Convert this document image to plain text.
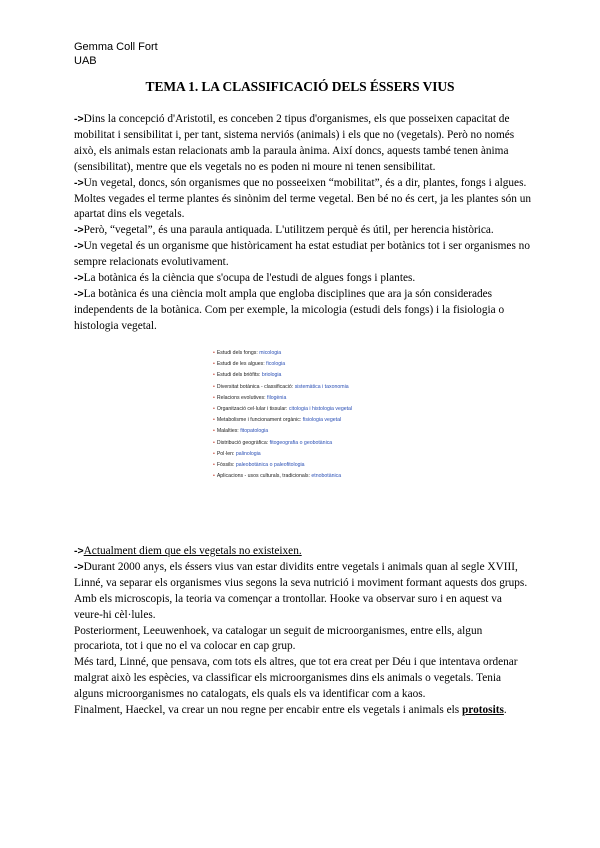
Gemma Coll Fort
UAB
TEMA 1. LA CLASSIFICACIÓ DELS ÉSSERS VIUS

->Dins la concepció d'Aristotil, es conceben 2 tipus d'organismes, els que posseixen capacitat de mobilitat i sensibilitat i, per tant, sistema nerviós (animals) i els que no (vegetals). Però no només això, els animals estan relacionats amb la paraula ànima. Així doncs, aquests també tenen ànima (sensibilitat), mentre que els vegetals no es poden ni moure ni tenen sensibilitat.

->Un vegetal, doncs, són organismes que no posseeixen “mobilitat”, és a dir, plantes, fongs i algues. Moltes vegades el terme plantes és sinònim del terme vegetal. Ben bé no és cert, ja les plantes són un apartat dins els vegetals.

->Però, “vegetal”, és una paraula antiquada. L'utilitzem perquè és útil, per herencia històrica.

->Un vegetal és un organisme que històricament ha estat estudiat per botànics tot i ser organismes no sempre relacionats evolutivament.

->La botànica és la ciència que s'ocupa de l'estudi de algues fongs i plantes.

->La botànica és una ciència molt ampla que engloba disciplines que ara ja són considerades independents de la botànica. Com per exemple, la micologia (estudi dels fongs) i la fisiologia o histologia vegetal.

• Estudi dels fongs: micologia
• Estudi de les algues: ficologia
• Estudi dels briòfits: briologia
• Diversitat botànica - classificació: sistemàtica i taxonomia
• Relacions evolutives: filogènia
• Organització cel·lular i tissular: citologia i histologia vegetal
• Metabolisme i funcionament orgànic: fisiologia vegetal
• Malalties: fitopatologia
• Distribució geogràfica: fitogeografia o geobotànica
• Pol·len: palinologia
• Fòssils: paleobotànica o paleofitologia
• Aplicacions - usos culturals, tradicionals: etnobotànica

->Actualment diem que els vegetals no existeixen.

->Durant 2000 anys, els éssers vius van estar dividits entre vegetals i animals quan al segle XVIII, Linné, va separar els organismes vius segons la seva nutrició i moviment formant aquests dos grups. Amb els microscopis, la teoria va començar a trontollar. Hooke va observar suro i en aquest va veure-hi cèl·lules.

Posteriorment, Leeuwenhoek, va catalogar un seguit de microorganismes, entre ells, algun procariota, tot i que no el va colocar en cap grup.

Més tard, Linné, que pensava, com tots els altres, que tot era creat per Déu i que intentava ordenar malgrat això les espècies, va classificar els microorganismes dins els animals o vegetals. Tenia alguns microorganismes no catalogats, els quals els va identificar com a kaos.

Finalment, Haeckel, va crear un nou regne per encabir entre els vegetals i animals els protosits.
